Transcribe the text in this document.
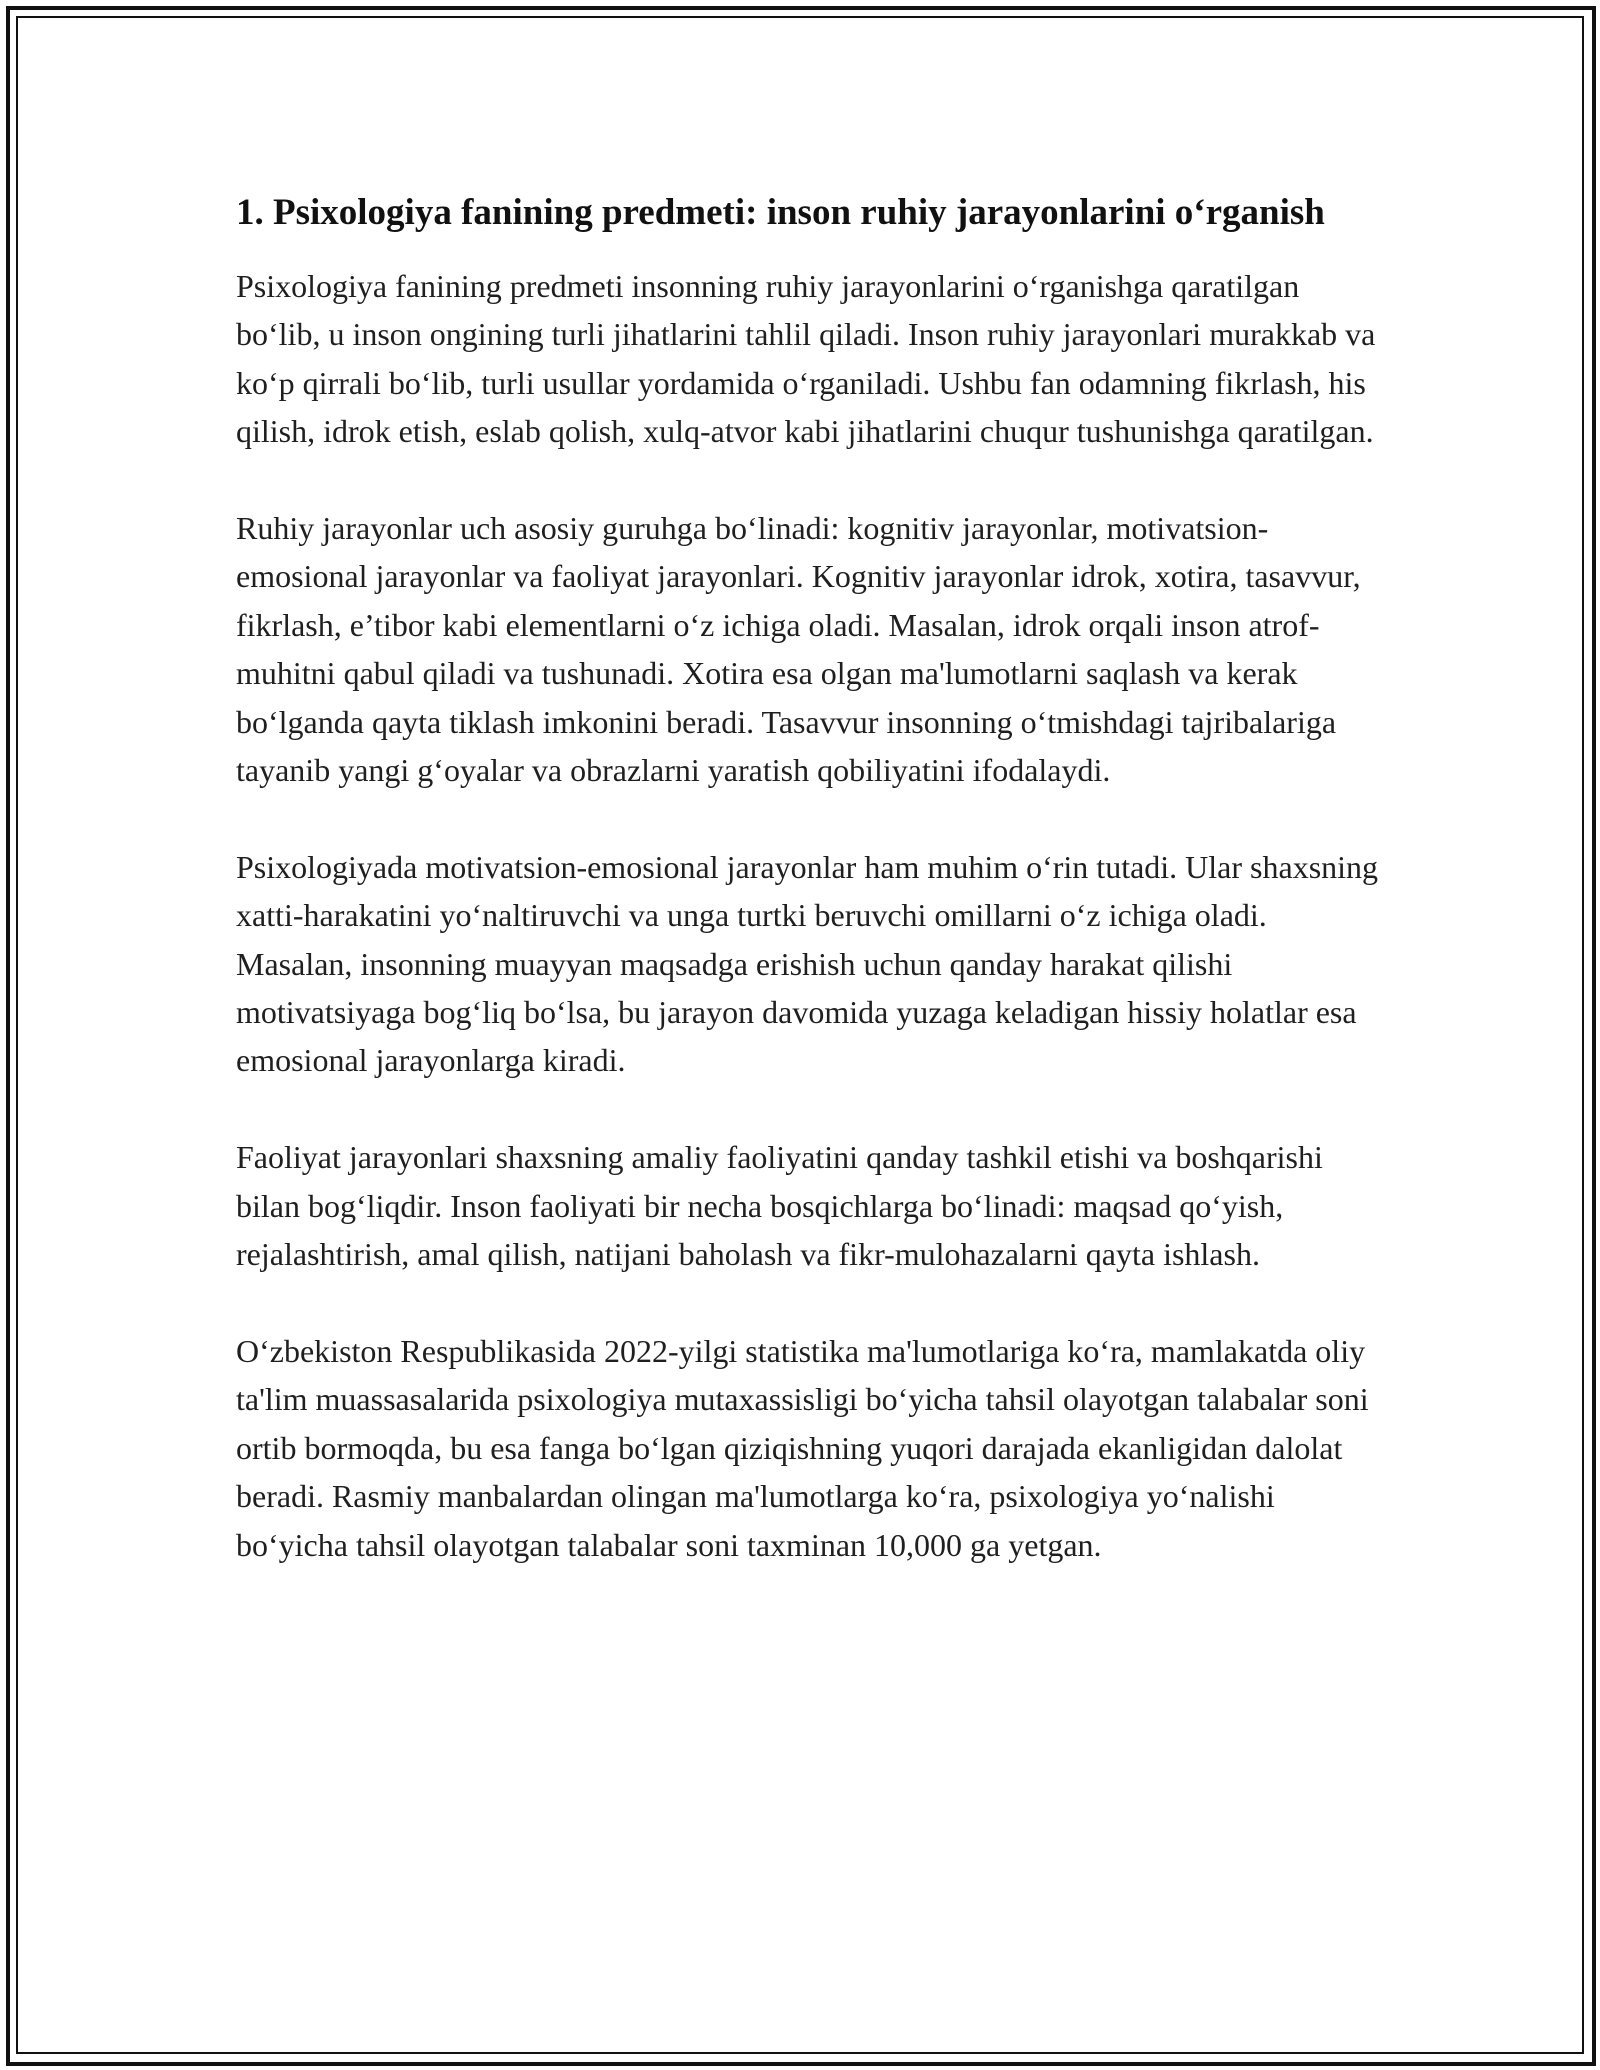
1. Psixologiya fanining predmeti: inson ruhiy jarayonlarini o‘rganish

Psixologiya fanining predmeti insonning ruhiy jarayonlarini o‘rganishga qaratilgan bo‘lib, u inson ongining turli jihatlarini tahlil qiladi. Inson ruhiy jarayonlari murakkab va ko‘p qirrali bo‘lib, turli usullar yordamida o‘rganiladi. Ushbu fan odamning fikrlash, his qilish, idrok etish, eslab qolish, xulq-atvor kabi jihatlarini chuqur tushunishga qaratilgan.

Ruhiy jarayonlar uch asosiy guruhga bo‘linadi: kognitiv jarayonlar, motivatsion-emosional jarayonlar va faoliyat jarayonlari. Kognitiv jarayonlar idrok, xotira, tasavvur, fikrlash, e’tibor kabi elementlarni o‘z ichiga oladi. Masalan, idrok orqali inson atrof-muhitni qabul qiladi va tushunadi. Xotira esa olgan ma'lumotlarni saqlash va kerak bo‘lganda qayta tiklash imkonini beradi. Tasavvur insonning o‘tmishdagi tajribalariga tayanib yangi g‘oyalar va obrazlarni yaratish qobiliyatini ifodalaydi.

Psixologiyada motivatsion-emosional jarayonlar ham muhim o‘rin tutadi. Ular shaxsning xatti-harakatini yo‘naltiruvchi va unga turtki beruvchi omillarni o‘z ichiga oladi. Masalan, insonning muayyan maqsadga erishish uchun qanday harakat qilishi motivatsiyaga bog‘liq bo‘lsa, bu jarayon davomida yuzaga keladigan hissiy holatlar esa emosional jarayonlarga kiradi.

Faoliyat jarayonlari shaxsning amaliy faoliyatini qanday tashkil etishi va boshqarishi bilan bog‘liqdir. Inson faoliyati bir necha bosqichlarga bo‘linadi: maqsad qo‘yish, rejalashtirish, amal qilish, natijani baholash va fikr-mulohazalarni qayta ishlash.

O‘zbekiston Respublikasida 2022-yilgi statistika ma'lumotlariga ko‘ra, mamlakatda oliy ta'lim muassasalarida psixologiya mutaxassisligi bo‘yicha tahsil olayotgan talabalar soni ortib bormoqda, bu esa fanga bo‘lgan qiziqishning yuqori darajada ekanligidan dalolat beradi. Rasmiy manbalardan olingan ma'lumotlarga ko‘ra, psixologiya yo‘nalishi bo‘yicha tahsil olayotgan talabalar soni taxminan 10,000 ga yetgan.
